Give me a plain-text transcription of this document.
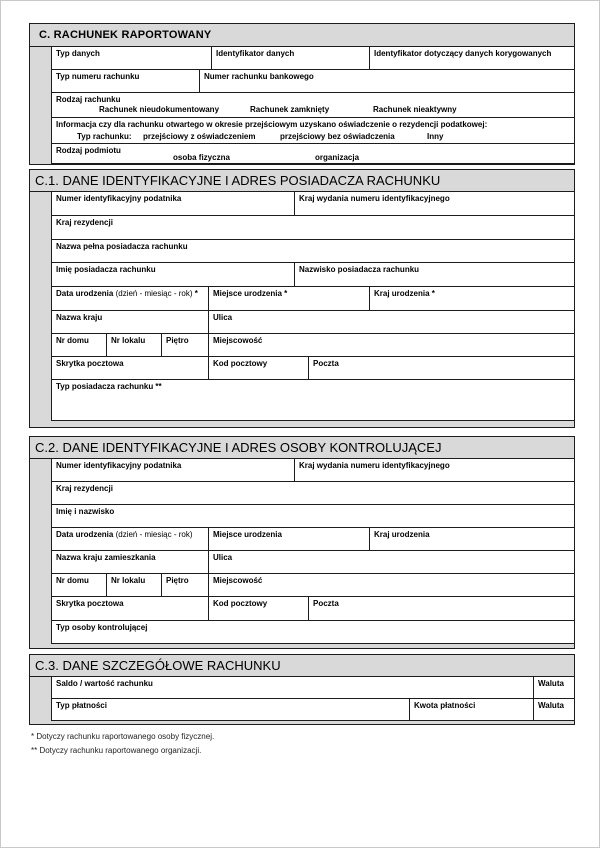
C. RACHUNEK RAPORTOWANY
Typ danych	Identyfikator danych	Identyfikator dotyczący danych korygowanych
Typ numeru rachunku	Numer rachunku bankowego
Rodzaj rachunku
Rachunek nieudokumentowany	Rachunek zamknięty	Rachunek nieaktywny
Informacja czy dla rachunku otwartego w okresie przejściowym uzyskano oświadczenie o rezydencji podatkowej:
Typ rachunku: przejściowy z oświadczeniem	przejściowy bez oświadczenia	Inny
Rodzaj podmiotu
osoba fizyczna	organizacja
C.1. DANE IDENTYFIKACYJNE I ADRES POSIADACZA RACHUNKU
Numer identyfikacyjny podatnika	Kraj wydania numeru identyfikacyjnego
Kraj rezydencji
Nazwa pełna posiadacza rachunku
Imię posiadacza rachunku	Nazwisko posiadacza rachunku
Data urodzenia (dzień - miesiąc - rok) *	Miejsce urodzenia *	Kraj urodzenia *
Nazwa kraju	Ulica
Nr domu	Nr lokalu	Piętro	Miejscowość
Skrytka pocztowa	Kod pocztowy	Poczta
Typ posiadacza rachunku **
C.2. DANE IDENTYFIKACYJNE I ADRES OSOBY KONTROLUJĄCEJ
Numer identyfikacyjny podatnika	Kraj wydania numeru identyfikacyjnego
Kraj rezydencji
Imię i nazwisko
Data urodzenia (dzień - miesiąc - rok)	Miejsce urodzenia	Kraj urodzenia
Nazwa kraju zamieszkania	Ulica
Nr domu	Nr lokalu	Piętro	Miejscowość
Skrytka pocztowa	Kod pocztowy	Poczta
Typ osoby kontrolującej
C.3. DANE SZCZEGÓŁOWE RACHUNKU
Saldo / wartość rachunku	Waluta
Typ płatności	Kwota płatności	Waluta
* Dotyczy rachunku raportowanego osoby fizycznej.
** Dotyczy rachunku raportowanego organizacji.
